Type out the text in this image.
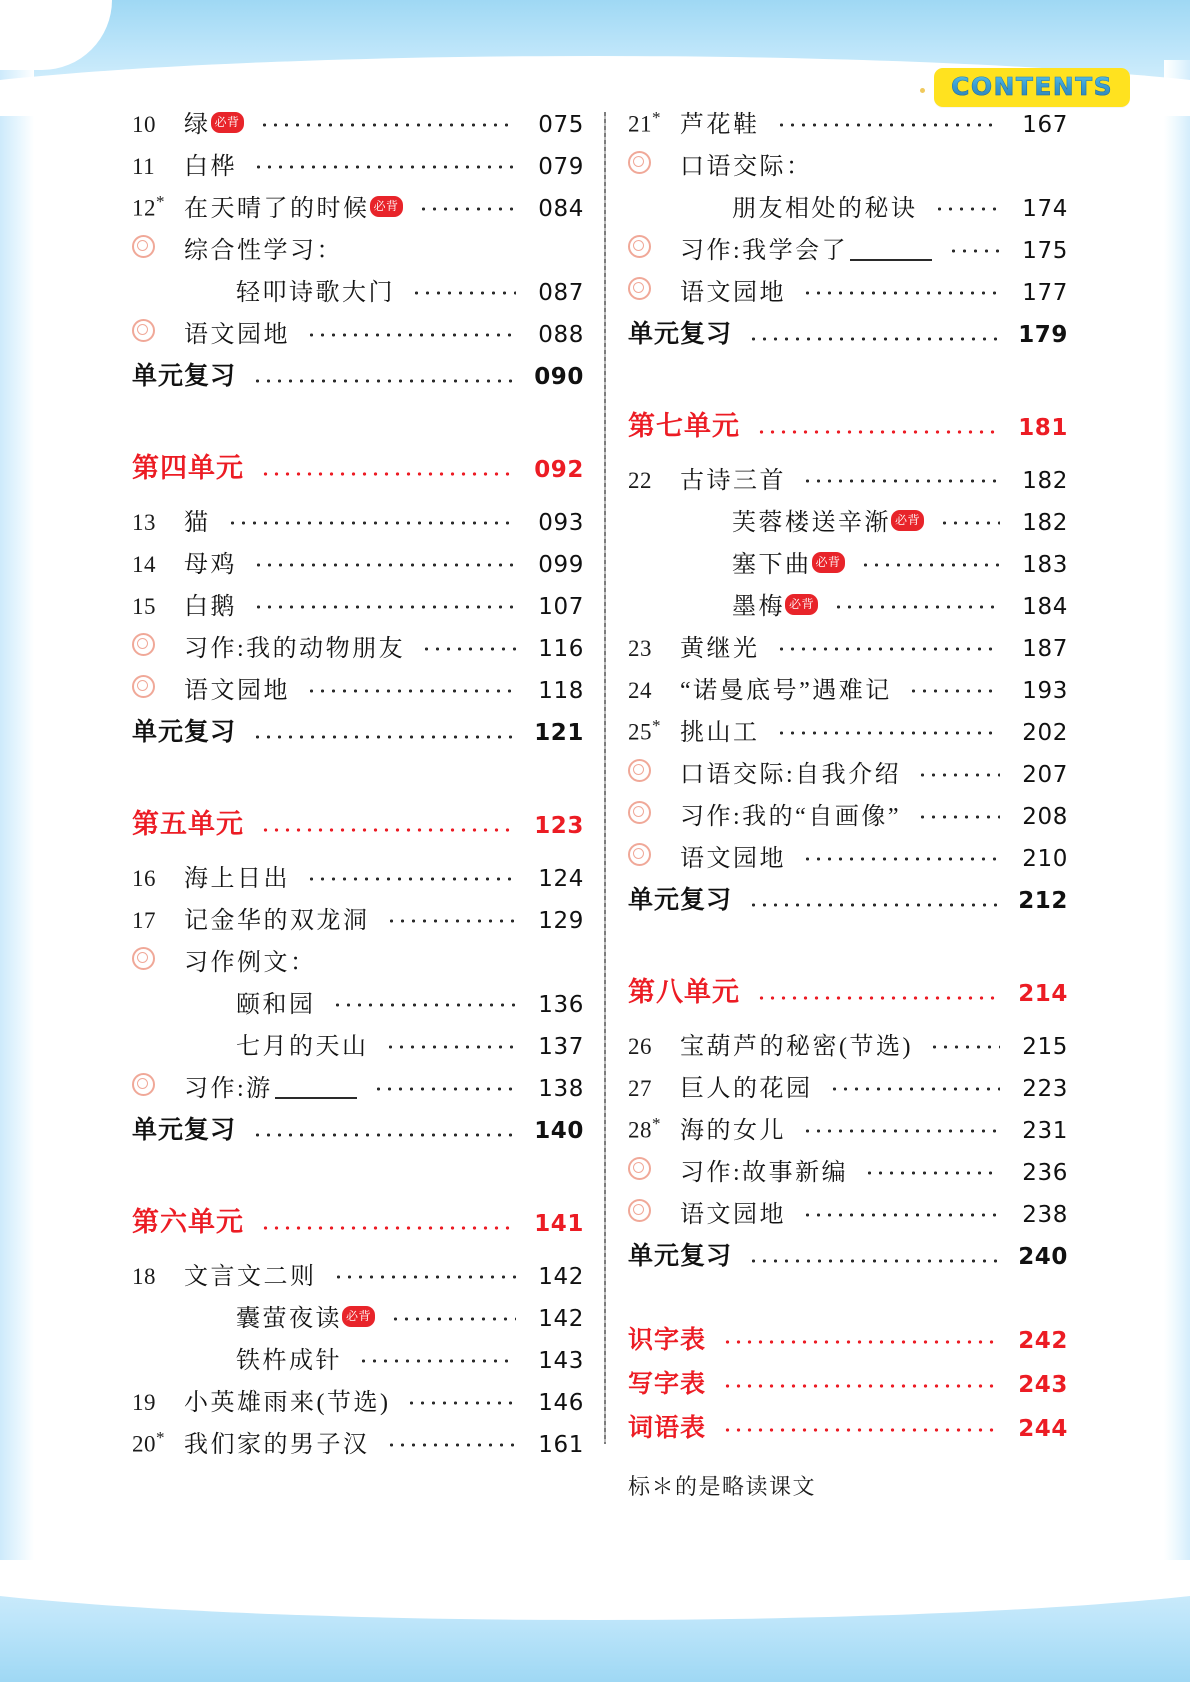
CONTENTS
10	绿 必背	075
11	白桦	079
12* 在天晴了的时候 必背	084
综合性学习：
轻叩诗歌大门	087
语文园地	088
单元复习	090
第四单元	092
13	猫	093
14	母鸡	099
15	白鹅	107
习作:我的动物朋友	116
语文园地	118
单元复习	121
第五单元	123
16	海上日出	124
17	记金华的双龙洞	129
习作例文：
颐和园	136
七月的天山	137
习作:游	138
单元复习	140
第六单元	141
18	文言文二则	142
囊萤夜读 必背	142
铁杵成针	143
19	小英雄雨来(节选)	146
20* 我们家的男子汉	161
21* 芦花鞋	167
口语交际：
朋友相处的秘诀	174
习作:我学会了	175
语文园地	177
单元复习	179
第七单元	181
22	古诗三首	182
芙蓉楼送辛渐 必背	182
塞下曲 必背	183
墨梅 必背	184
23	黄继光	187
24	“诺曼底号”遇难记	193
25* 挑山工	202
口语交际:自我介绍	207
习作:我的“自画像”	208
语文园地	210
单元复习	212
第八单元	214
26	宝葫芦的秘密(节选)	215
27	巨人的花园	223
28* 海的女儿	231
习作:故事新编	236
语文园地	238
单元复习	240
识字表	242
写字表	243
词语表	244
标＊的是略读课文
